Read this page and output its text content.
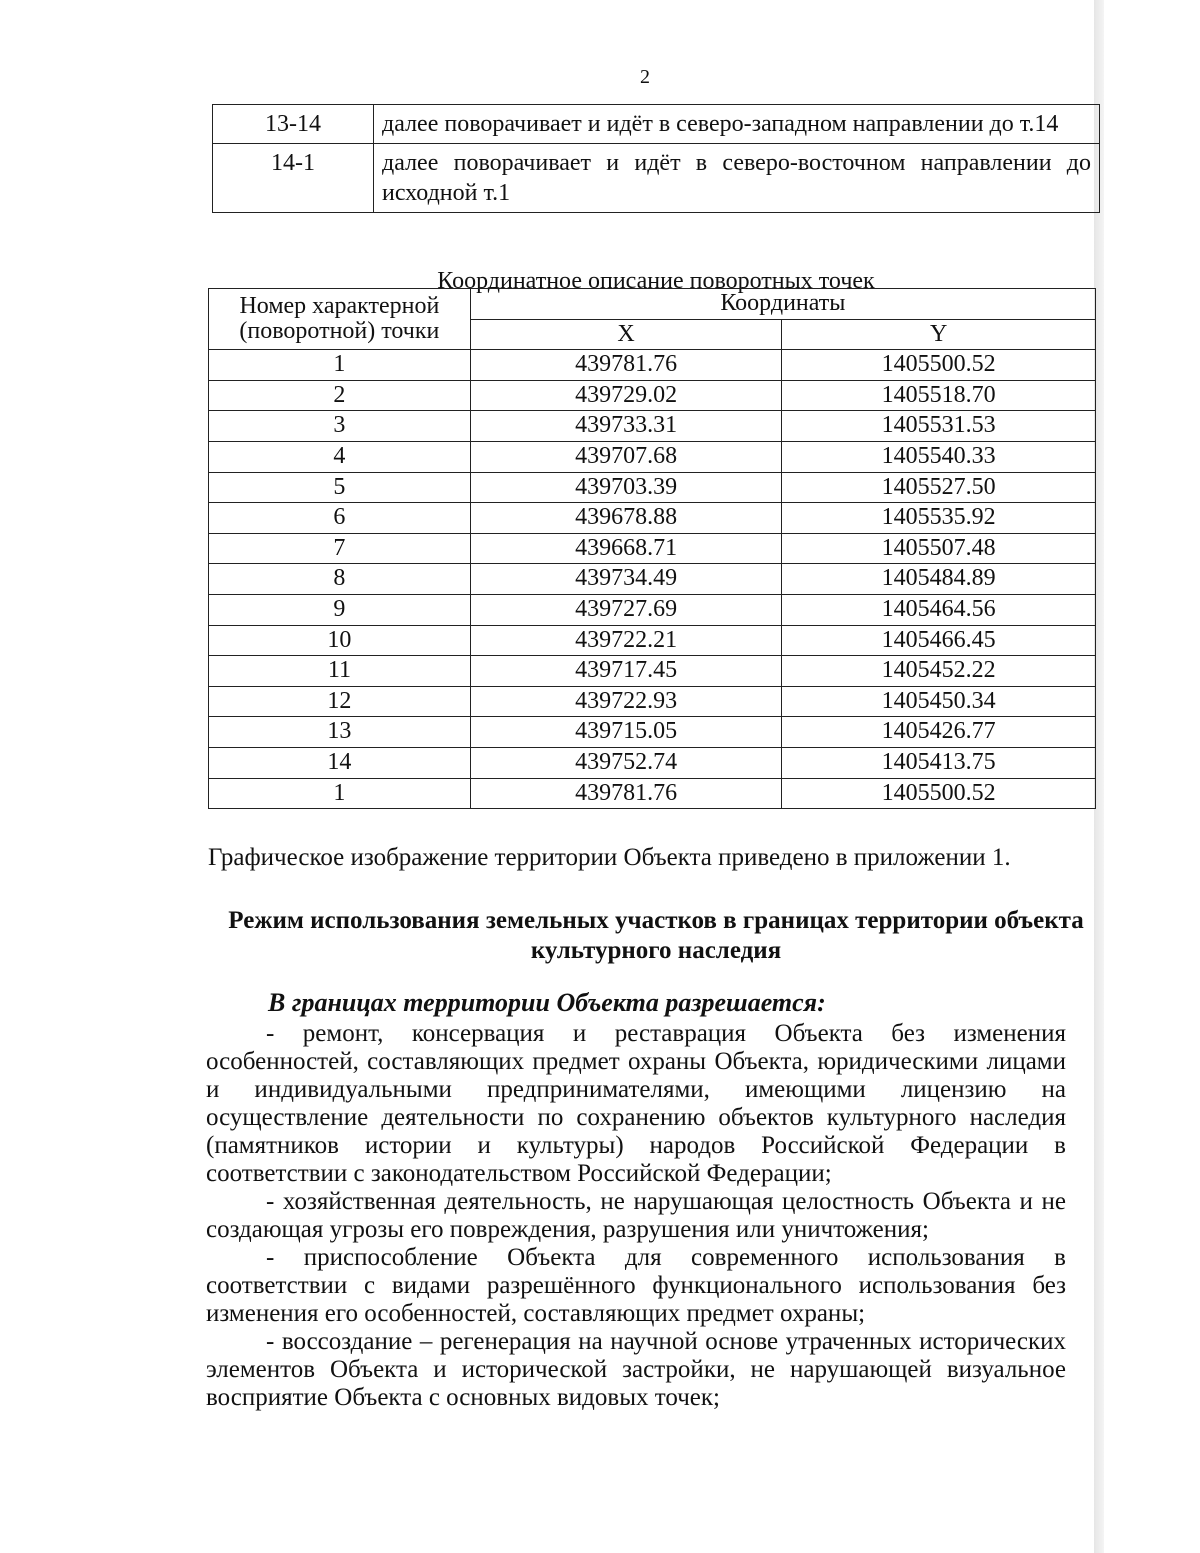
2
13-14	далее поворачивает и идёт в северо-западном направлении до т.14
14-1	далее поворачивает и идёт в северо-восточном направлении до исходной т.1
Координатное описание поворотных точек
Номер характерной (поворотной) точки	Координаты	
	X	Y
1	439781.76	1405500.52
2	439729.02	1405518.70
3	439733.31	1405531.53
4	439707.68	1405540.33
5	439703.39	1405527.50
6	439678.88	1405535.92
7	439668.71	1405507.48
8	439734.49	1405484.89
9	439727.69	1405464.56
10	439722.21	1405466.45
11	439717.45	1405452.22
12	439722.93	1405450.34
13	439715.05	1405426.77
14	439752.74	1405413.75
1	439781.76	1405500.52
Графическое изображение территории Объекта приведено в приложении 1.
Режим использования земельных участков в границах территории объекта культурного наследия
В границах территории Объекта разрешается:

- ремонт, консервация и реставрация Объекта без изменения особенностей, составляющих предмет охраны Объекта, юридическими лицами и индивидуальными предпринимателями, имеющими лицензию на осуществление деятельности по сохранению объектов культурного наследия (памятников истории и культуры) народов Российской Федерации в соответствии с законодательством Российской Федерации;

- хозяйственная деятельность, не нарушающая целостность Объекта и не создающая угрозы его повреждения, разрушения или уничтожения;

- приспособление Объекта для современного использования в соответствии с видами разрешённого функционального использования без изменения его особенностей, составляющих предмет охраны;

- воссоздание – регенерация на научной основе утраченных исторических элементов Объекта и исторической застройки, не нарушающей визуальное восприятие Объекта с основных видовых точек;
